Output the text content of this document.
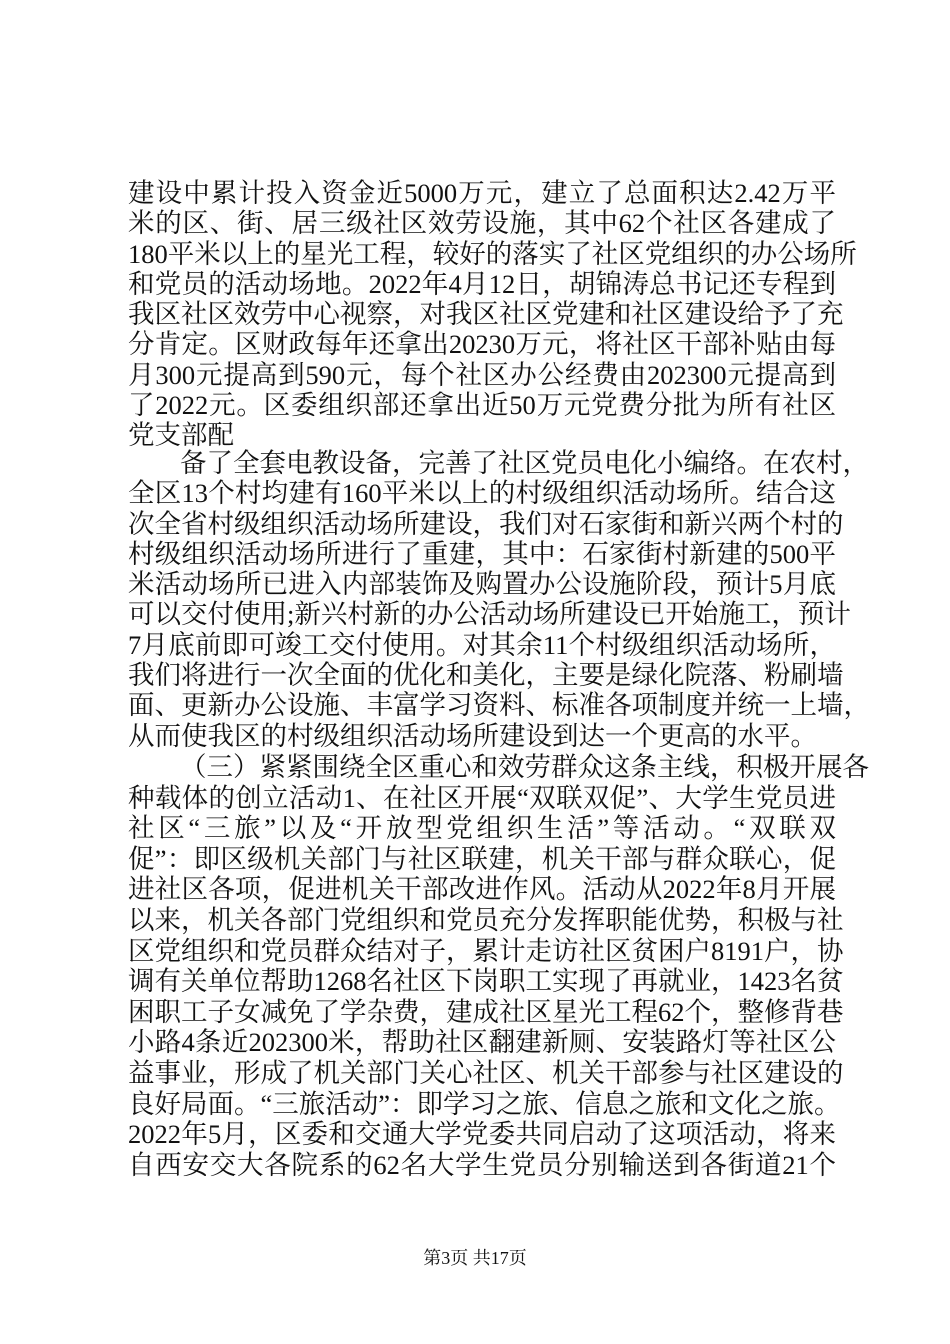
建设中累计投入资金近5000万元，建立了总面积达2.42万平
米的区、街、居三级社区效劳设施，其中62个社区各建成了
180平米以上的星光工程，较好的落实了社区党组织的办公场所
和党员的活动场地。2022年4月12日，胡锦涛总书记还专程到
我区社区效劳中心视察，对我区社区党建和社区建设给予了充
分肯定。区财政每年还拿出20230万元，将社区干部补贴由每
月300元提高到590元，每个社区办公经费由202300元提高到
了2022元。区委组织部还拿出近50万元党费分批为所有社区
党支部配
备了全套电教设备，完善了社区党员电化小编络。在农村，
全区13个村均建有160平米以上的村级组织活动场所。结合这
次全省村级组织活动场所建设，我们对石家街和新兴两个村的
村级组织活动场所进行了重建，其中：石家街村新建的500平
米活动场所已进入内部装饰及购置办公设施阶段，预计5月底
可以交付使用;新兴村新的办公活动场所建设已开始施工，预计
7月底前即可竣工交付使用。对其余11个村级组织活动场所，
我们将进行一次全面的优化和美化，主要是绿化院落、粉刷墙
面、更新办公设施、丰富学习资料、标准各项制度并统一上墙，
从而使我区的村级组织活动场所建设到达一个更高的水平。
（三）紧紧围绕全区重心和效劳群众这条主线，积极开展各
种载体的创立活动1、在社区开展“双联双促”、大学生党员进
社区“三旅”以及“开放型党组织生活”等活动。“双联双
促”：即区级机关部门与社区联建，机关干部与群众联心，促
进社区各项，促进机关干部改进作风。活动从2022年8月开展
以来，机关各部门党组织和党员充分发挥职能优势，积极与社
区党组织和党员群众结对子，累计走访社区贫困户8191户，协
调有关单位帮助1268名社区下岗职工实现了再就业，1423名贫
困职工子女减免了学杂费，建成社区星光工程62个，整修背巷
小路4条近202300米，帮助社区翻建新厕、安装路灯等社区公
益事业，形成了机关部门关心社区、机关干部参与社区建设的
良好局面。“三旅活动”：即学习之旅、信息之旅和文化之旅。
2022年5月，区委和交通大学党委共同启动了这项活动，将来
自西安交大各院系的62名大学生党员分别输送到各街道21个
第3页 共17页
